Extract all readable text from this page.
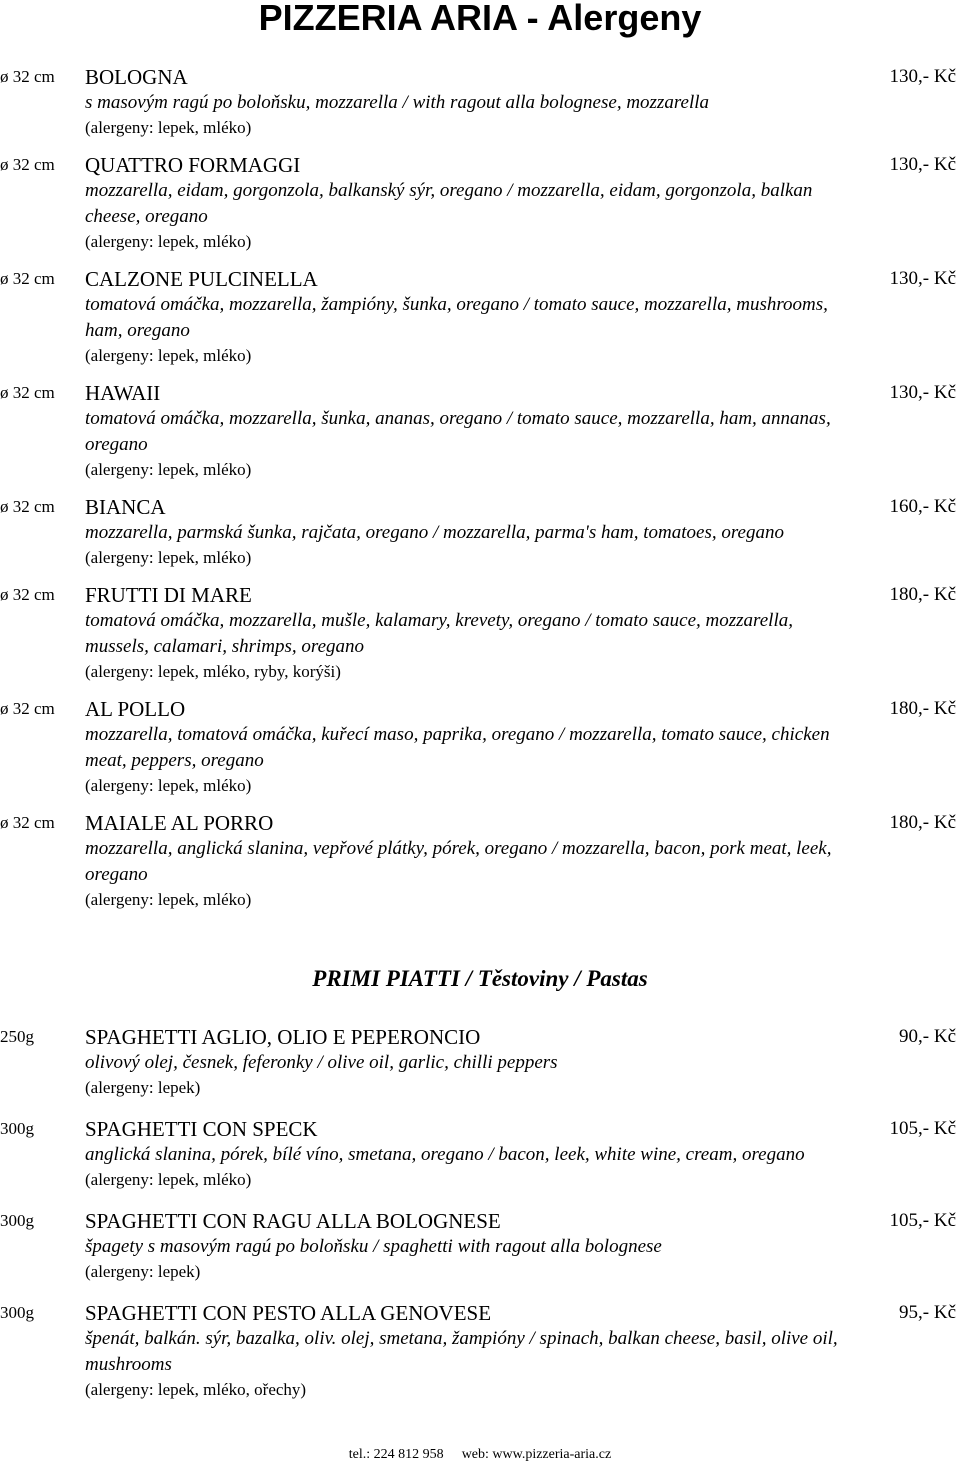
PIZZERIA ARIA - Alergeny
ø 32 cm BOLOGNA
s masovým ragú po boloňsku, mozzarella / with ragout alla bolognese, mozzarella
(alergeny: lepek, mléko)
130,- Kč
ø 32 cm QUATTRO FORMAGGI
mozzarella, eidam, gorgonzola, balkanský sýr, oregano / mozzarella, eidam, gorgonzola, balkan cheese, oregano
(alergeny: lepek, mléko)
130,- Kč
ø 32 cm CALZONE PULCINELLA
tomatová omáčka, mozzarella, žampióny, šunka, oregano / tomato sauce, mozzarella, mushrooms, ham, oregano
(alergeny: lepek, mléko)
130,- Kč
ø 32 cm HAWAII
tomatová omáčka, mozzarella, šunka, ananas, oregano / tomato sauce, mozzarella, ham, annanas, oregano
(alergeny: lepek, mléko)
130,- Kč
ø 32 cm BIANCA
mozzarella, parmská šunka, rajčata, oregano / mozzarella, parma's ham, tomatoes, oregano
(alergeny: lepek, mléko)
160,- Kč
ø 32 cm FRUTTI DI MARE
tomatová omáčka, mozzarella, mušle, kalamary, krevety, oregano / tomato sauce, mozzarella, mussels, calamari, shrimps, oregano
(alergeny: lepek, mléko, ryby, korýši)
180,- Kč
ø 32 cm AL POLLO
mozzarella, tomatová omáčka, kuřecí maso, paprika, oregano / mozzarella, tomato sauce, chicken meat, peppers, oregano
(alergeny: lepek, mléko)
180,- Kč
ø 32 cm MAIALE AL PORRO
mozzarella, anglická slanina, vepřové plátky, pórek, oregano / mozzarella, bacon, pork meat, leek, oregano
(alergeny: lepek, mléko)
180,- Kč
PRIMI PIATTI / Těstoviny / Pastas
250g SPAGHETTI AGLIO, OLIO E PEPERONCIO
olivový olej, česnek, feferonky / olive oil, garlic, chilli peppers
(alergeny: lepek)
90,- Kč
300g SPAGHETTI CON SPECK
anglická slanina, pórek, bílé víno, smetana, oregano / bacon, leek, white wine, cream, oregano
(alergeny: lepek, mléko)
105,- Kč
300g SPAGHETTI CON RAGU ALLA BOLOGNESE
špagety s masovým ragú po boloňsku / spaghetti with ragout alla bolognese
(alergeny: lepek)
105,- Kč
300g SPAGHETTI CON PESTO ALLA GENOVESE
špenát, balkán. sýr, bazalka, oliv. olej, smetana, žampióny / spinach, balkan cheese, basil, olive oil, mushrooms
(alergeny: lepek, mléko, ořechy)
95,- Kč
tel.: 224 812 958 web: www.pizzeria-aria.cz
